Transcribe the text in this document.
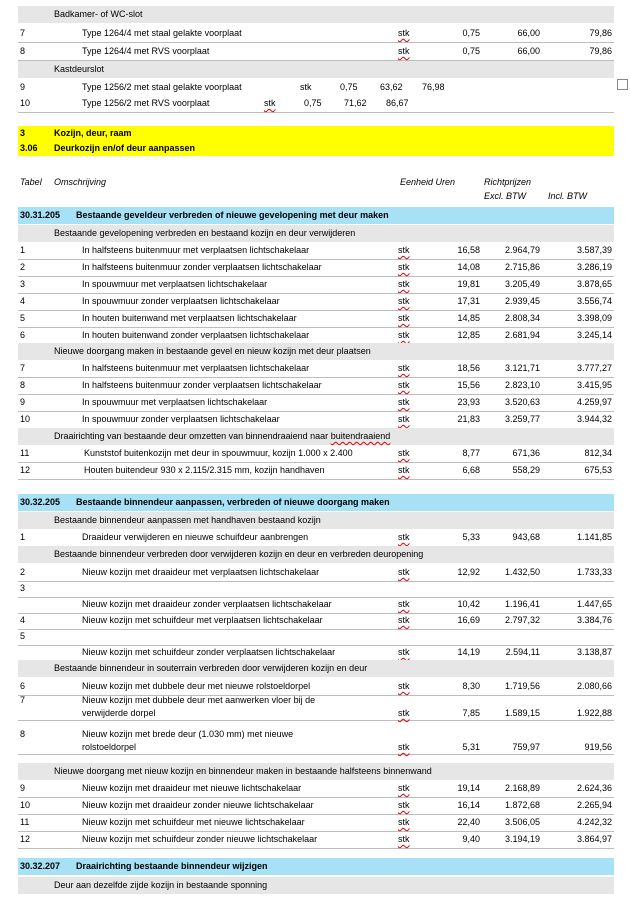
Badkamer- of WC-slot
7	Type 1264/4 met staal gelakte voorplaat	stk	0,75	66,00	79,86
8	Type 1264/4 met RVS voorplaat	stk	0,75	66,00	79,86
Kastdeurslot
9	Type 1256/2 met staal gelakte voorplaat	stk	0,75 63,62 76,98
10	Type 1256/2 met RVS voorplaat	stk	0,75 71,62 86,67
3	Kozijn, deur, raam
3.06 Deurkozijn en/of deur aanpassen
Tabel Omschrijving	Eenheid Uren	Richtprijzen
Excl. BTW Incl. BTW
30.31.205 Bestaande geveldeur verbreden of nieuwe gevelopening met deur maken
Bestaande gevelopening verbreden en bestaand kozijn en deur verwijderen
1	In halfsteens buitenmuur met verplaatsen lichtschakelaar	stk	16,58	2.964,79	3.587,39
2	In halfsteens buitenmuur zonder verplaatsen lichtschakelaar	stk	14,08	2.715,86	3.286,19
3	In spouwmuur met verplaatsen lichtschakelaar	stk	19,81	3.205,49	3.878,65
4	In spouwmuur zonder verplaatsen lichtschakelaar	stk	17,31	2.939,45	3.556,74
5	In houten buitenwand met verplaatsen lichtschakelaar	stk	14,85	2.808,34	3.398,09
6	In houten buitenwand zonder verplaatsen lichtschakelaar	stk	12,85	2.681,94	3.245,14
Nieuwe doorgang maken in bestaande gevel en nieuw kozijn met deur plaatsen
7	In halfsteens buitenmuur met verplaatsen lichtschakelaar	stk	18,56	3.121,71	3.777,27
8	In halfsteens buitenmuur zonder verplaatsen lichtschakelaar	stk	15,56	2.823,10	3.415,95
9	In spouwmuur met verplaatsen lichtschakelaar	stk	23,93	3.520,63	4.259,97
10	In spouwmuur zonder verplaatsen lichtschakelaar	stk	21,83	3.259,77	3.944,32
Draairichting van bestaande deur omzetten van binnendraaiend naar buitendraaiend
11	Kunststof buitenkozijn met deur in spouwmuur, kozijn 1.000 x 2.400	stk	8,77	671,36	812,34
12	Houten buitendeur 930 x 2.115/2.315 mm, kozijn handhaven	stk	6,68	558,29	675,53
30.32.205 Bestaande binnendeur aanpassen, verbreden of nieuwe doorgang maken
Bestaande binnendeur aanpassen met handhaven bestaand kozijn
1	Draaideur verwijderen en nieuwe schuifdeur aanbrengen	stk	5,33	943,68	1.141,85
Bestaande binnendeur verbreden door verwijderen kozijn en deur en verbreden deuropening
2	Nieuw kozijn met draaideur met verplaatsen lichtschakelaar	stk	12,92	1.432,50	1.733,33
3
Nieuw kozijn met draaideur zonder verplaatsen lichtschakelaar	stk	10,42	1.196,41	1.447,65
4	Nieuw kozijn met schuifdeur met verplaatsen lichtschakelaar	stk	16,69	2.797,32	3.384,76
5
Nieuw kozijn met schuifdeur zonder verplaatsen lichtschakelaar	stk	14,19	2.594,11	3.138,87
Bestaande binnendeur in souterrain verbreden door verwijderen kozijn en deur
6	Nieuw kozijn met dubbele deur met nieuwe rolstoeldorpel	stk	8,30	1.719,56	2.080,66
7	Nieuw kozijn met dubbele deur met aanwerken vloer bij de
stk	7,85	1.589,15	1.922,88
verwijderde dorpel
8	Nieuw kozijn met brede deur (1.030 mm) met nieuwe
stk	5,31	759,97	919,56
rolstoeldorpel
Nieuwe doorgang met nieuw kozijn en binnendeur maken in bestaande halfsteens binnenwand
9	Nieuw kozijn met draaideur met nieuwe lichtschakelaar	stk	19,14	2.168,89	2.624,36
10	Nieuw kozijn met draaideur zonder nieuwe lichtschakelaar	stk	16,14	1.872,68	2.265,94
11	Nieuw kozijn met schuifdeur met nieuwe lichtschakelaar	stk	22,40	3.506,05	4.242,32
12	Nieuw kozijn met schuifdeur zonder nieuwe lichtschakelaar	stk	9,40	3.194,19	3.864,97
30.32.207 Draairichting bestaande binnendeur wijzigen
Deur aan dezelfde zijde kozijn in bestaande sponning
